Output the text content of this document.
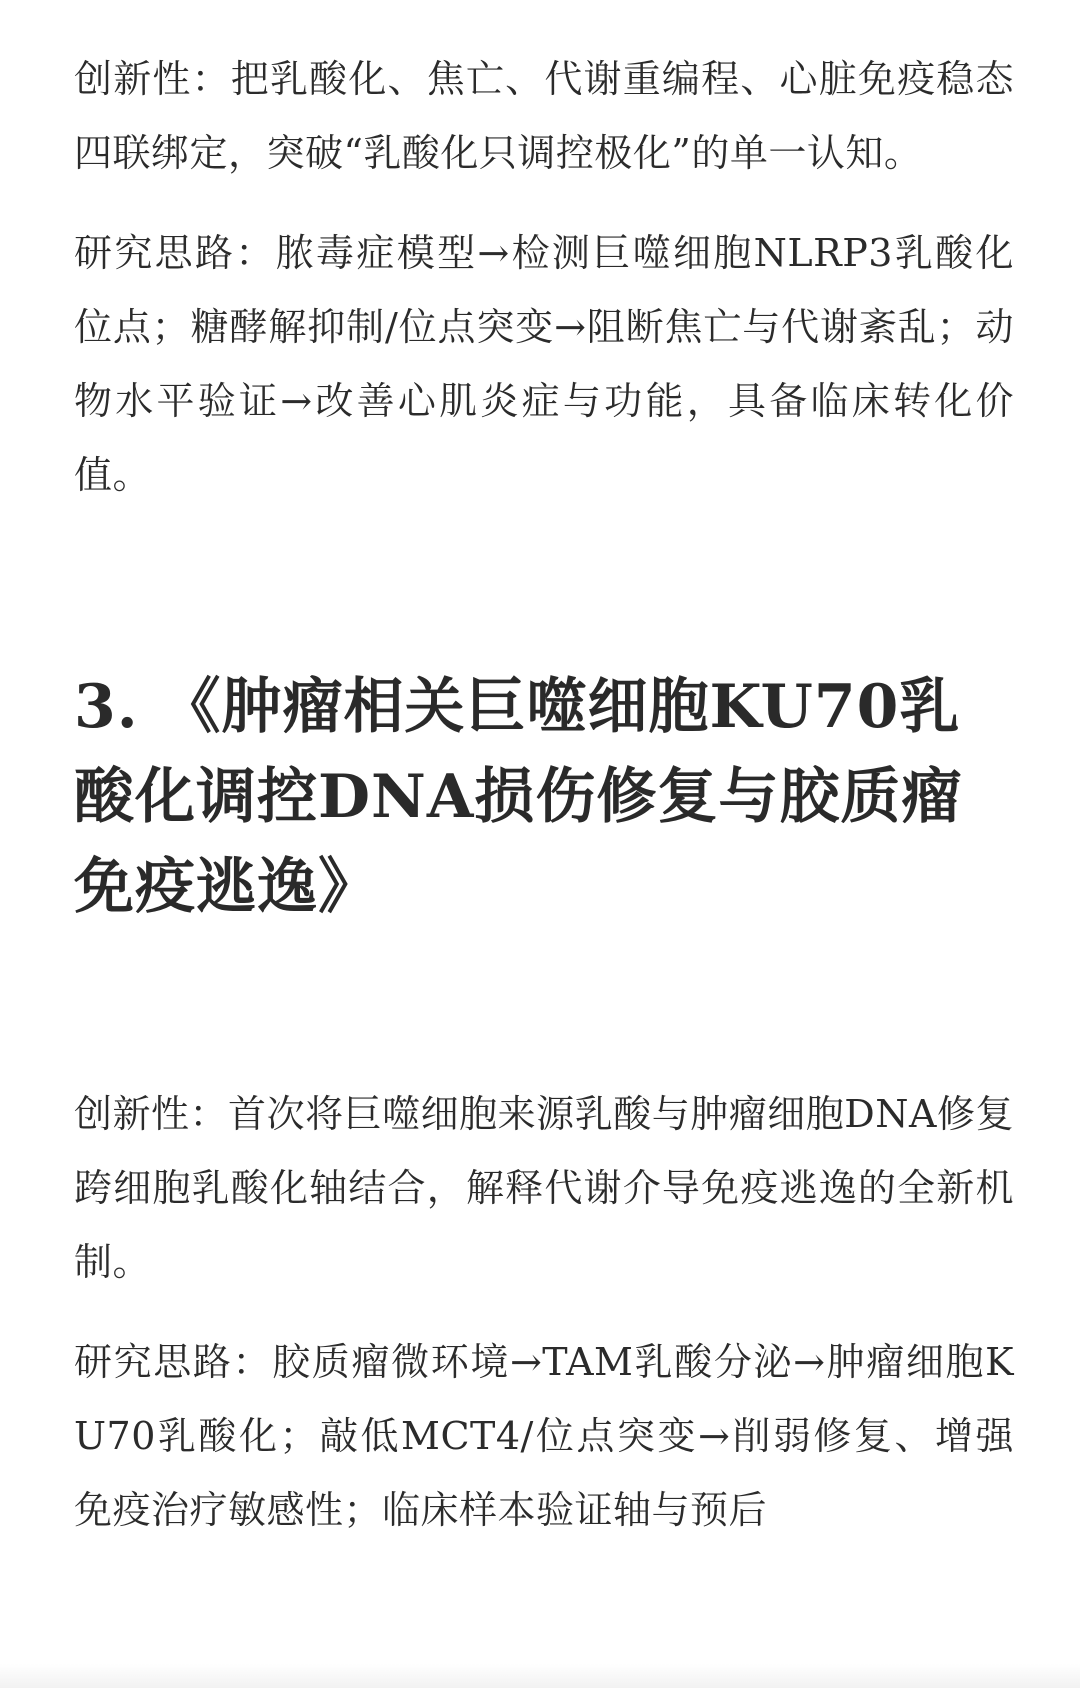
创新性：把乳酸化、焦亡、代谢重编程、心脏免疫稳态四联绑定，突破“乳酸化只调控极化”的单一认知。

研究思路：脓毒症模型→检测巨噬细胞NLRP3乳酸化位点；糖酵解抑制/位点突变→阻断焦亡与代谢紊乱；动物水平验证→改善心肌炎症与功能，具备临床转化价值。

3. 《肿瘤相关巨噬细胞KU70乳酸化调控DNA损伤修复与胶质瘤免疫逃逸》

创新性：首次将巨噬细胞来源乳酸与肿瘤细胞DNA修复跨细胞乳酸化轴结合，解释代谢介导免疫逃逸的全新机制。

研究思路：胶质瘤微环境→TAM乳酸分泌→肿瘤细胞KU70乳酸化；敲低MCT4/位点突变→削弱修复、增强免疫治疗敏感性；临床样本验证轴与预后
